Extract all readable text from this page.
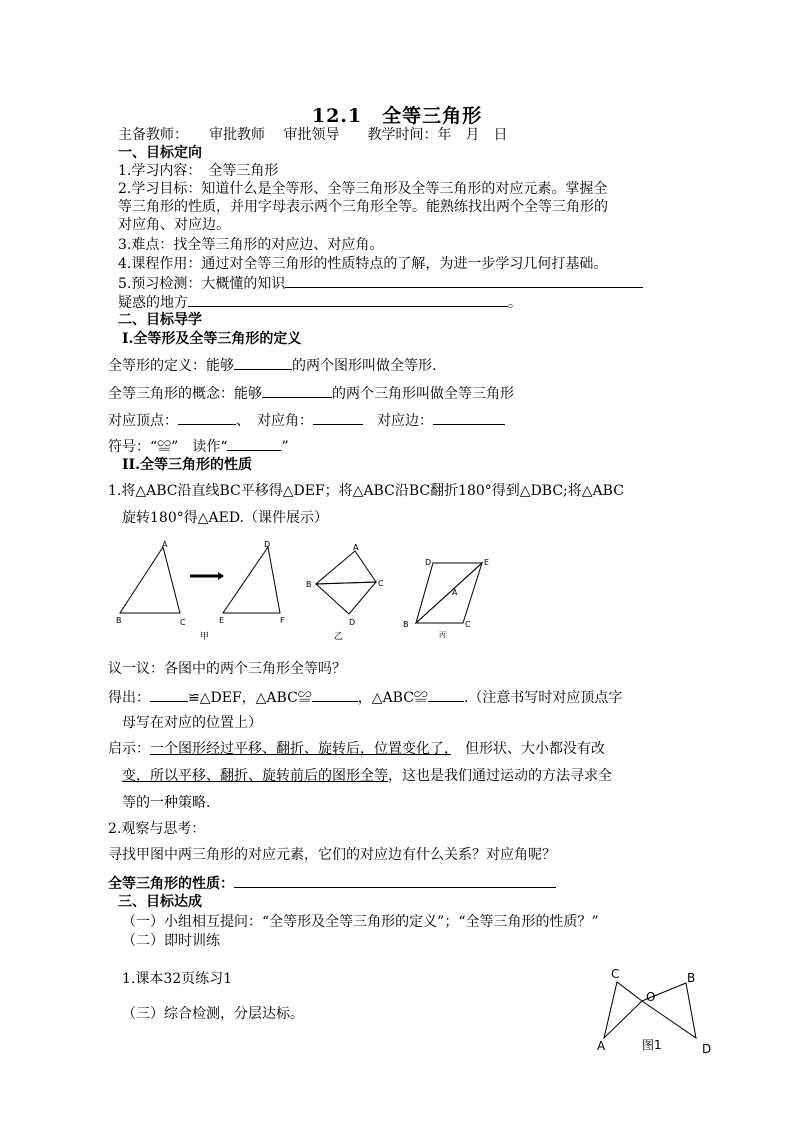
12.1　全等三角形
主备教师：　　审批教师　 审批领导　　教学时间：年　月　日
一、目标定向
1.学习内容：　全等三角形
2.学习目标：知道什么是全等形、全等三角形及全等三角形的对应元素。掌握全
等三角形的性质，并用字母表示两个三角形全等。能熟练找出两个全等三角形的
对应角、对应边。
3.难点：找全等三角形的对应边、对应角。
4.课程作用：通过对全等三角形的性质特点的了解，为进一步学习几何打基础。
5.预习检测：大概懂的知识
疑惑的地方	。
二、目标导学
I.全等形及全等三角形的定义
全等形的定义：能够	的两个图形叫做全等形.
全等三角形的概念：能够	的两个三角形叫做全等三角形
对应顶点：	、　对应角：	　对应边：
符号：“≌”　读作“	”
II.全等三角形的性质
1.将△ABC沿直线BC平移得△DEF；将△ABC沿BC翻折180°得到△DBC;将△ABC
旋转180°得△AED.（课件展示）
A
B	C
D
E	F
甲
A
B	C
D
乙
D	E
A
B	C
丙
议一议：各图中的两个三角形全等吗？
得出：	≌△DEF，△ABC≌	，△ABC≌	.（注意书写时对应顶点字
母写在对应的位置上）
启示：一个图形经过平移、翻折、旋转后，位置变化了，　但形状、大小都没有改
变，所以平移、翻折、旋转前后的图形全等，这也是我们通过运动的方法寻求全
等的一种策略.
2.观察与思考：
寻找甲图中两三角形的对应元素，它们的对应边有什么关系？对应角呢？
全等三角形的性质：
三、目标达成
（一）小组相互提问：“全等形及全等三角形的定义”；“全等三角形的性质？”
（二）即时训练
1.课本32页练习1
（三）综合检测，分层达标。
C	B
O
A	D
图1
